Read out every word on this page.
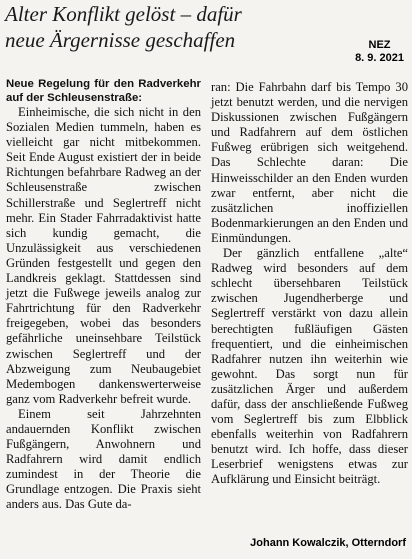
Alter Konflikt gelöst – dafür
neue Ärgernisse geschaffen	NEZ
8. 9. 2021

Neue Regelung für den Radverkehr auf der Schleusenstraße:

Einheimische, die sich nicht in den Sozialen Medien tummeln, haben es vielleicht gar nicht mitbekommen. Seit Ende August existiert der in beide Richtungen befahrbare Radweg an der Schleusenstraße zwischen Schillerstraße und Seglertreff nicht mehr. Ein Stader Fahrradaktivist hatte sich kundig gemacht, die Unzulässigkeit aus verschiedenen Gründen festgestellt und gegen den Landkreis geklagt. Stattdessen sind jetzt die Fußwege jeweils analog zur Fahrtrichtung für den Radverkehr freigegeben, wobei das besonders gefährliche uneinsehbare Teilstück zwischen Seglertreff und der Abzweigung zum Neubaugebiet Medembogen dankenswerterweise ganz vom Radverkehr befreit wurde.

Einem seit Jahrzehnten andauernden Konflikt zwischen Fußgängern, Anwohnern und Radfahrern wird damit endlich zumindest in der Theorie die Grundlage entzogen. Die Praxis sieht anders aus. Das Gute da-

ran: Die Fahrbahn darf bis Tempo 30 jetzt benutzt werden, und die nervigen Diskussionen zwischen Fußgängern und Radfahrern auf dem östlichen Fußweg erübrigen sich weitgehend. Das Schlechte daran: Die Hinweisschilder an den Enden wurden zwar entfernt, aber nicht die zusätzlichen inoffiziellen Bodenmarkierungen an den Enden und Einmündungen.

Der gänzlich entfallene „alte“ Radweg wird besonders auf dem schlecht übersehbaren Teilstück zwischen Jugendherberge und Seglertreff verstärkt von dazu allein berechtigten fußläufigen Gästen frequentiert, und die einheimischen Radfahrer nutzen ihn weiterhin wie gewohnt. Das sorgt nun für zusätzlichen Ärger und außerdem dafür, dass der anschließende Fußweg vom Seglertreff bis zum Elbblick ebenfalls weiterhin von Radfahrern benutzt wird. Ich hoffe, dass dieser Leserbrief wenigstens etwas zur Aufklärung und Einsicht beiträgt.

Johann Kowalczik, Otterndorf
